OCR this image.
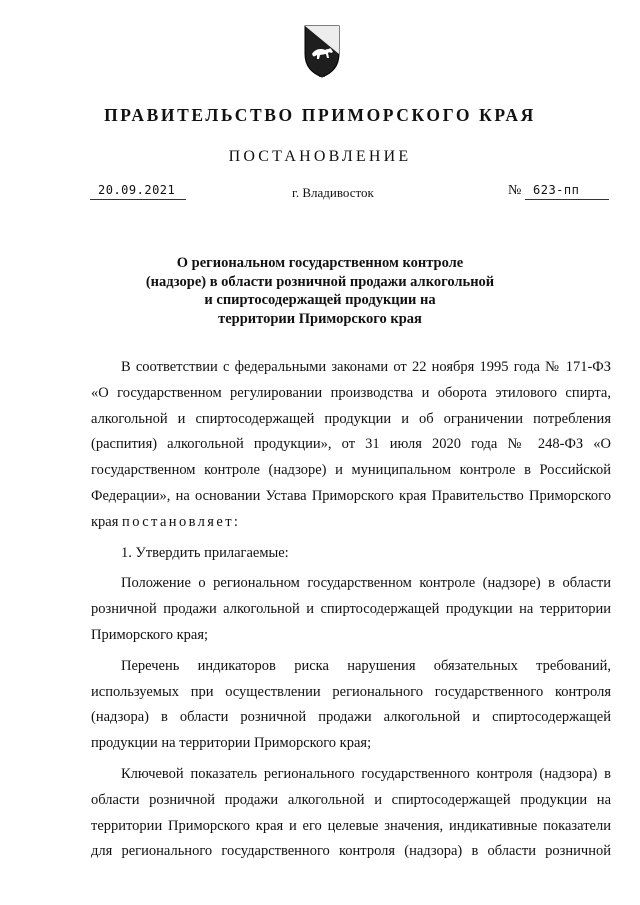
ПРАВИТЕЛЬСТВО ПРИМОРСКОГО КРАЯ
ПОСТАНОВЛЕНИЕ
20.09.2021	г. Владивосток	№ 623-пп
О региональном государственном контроле
(надзоре) в области розничной продажи алкогольной
и спиртосодержащей продукции на
территории Приморского края

В соответствии с федеральными законами от 22 ноября 1995 года № 171-ФЗ «О государственном регулировании производства и оборота этилового спирта, алкогольной и спиртосодержащей продукции и об ограничении потребления (распития) алкогольной продукции», от 31 июля 2020 года № 248-ФЗ «О государственном контроле (надзоре) и муниципальном контроле в Российской Федерации», на основании Устава Приморского края Правительство Приморского края постановляет:

1. Утвердить прилагаемые:

Положение о региональном государственном контроле (надзоре) в области розничной продажи алкогольной и спиртосодержащей продукции на территории Приморского края;

Перечень индикаторов риска нарушения обязательных требований, используемых при осуществлении регионального государственного контроля (надзора) в области розничной продажи алкогольной и спиртосодержащей продукции на территории Приморского края;

Ключевой показатель регионального государственного контроля (надзора) в области розничной продажи алкогольной и спиртосодержащей продукции на территории Приморского края и его целевые значения, индикативные показатели для регионального государственного контроля (надзора) в области розничной
